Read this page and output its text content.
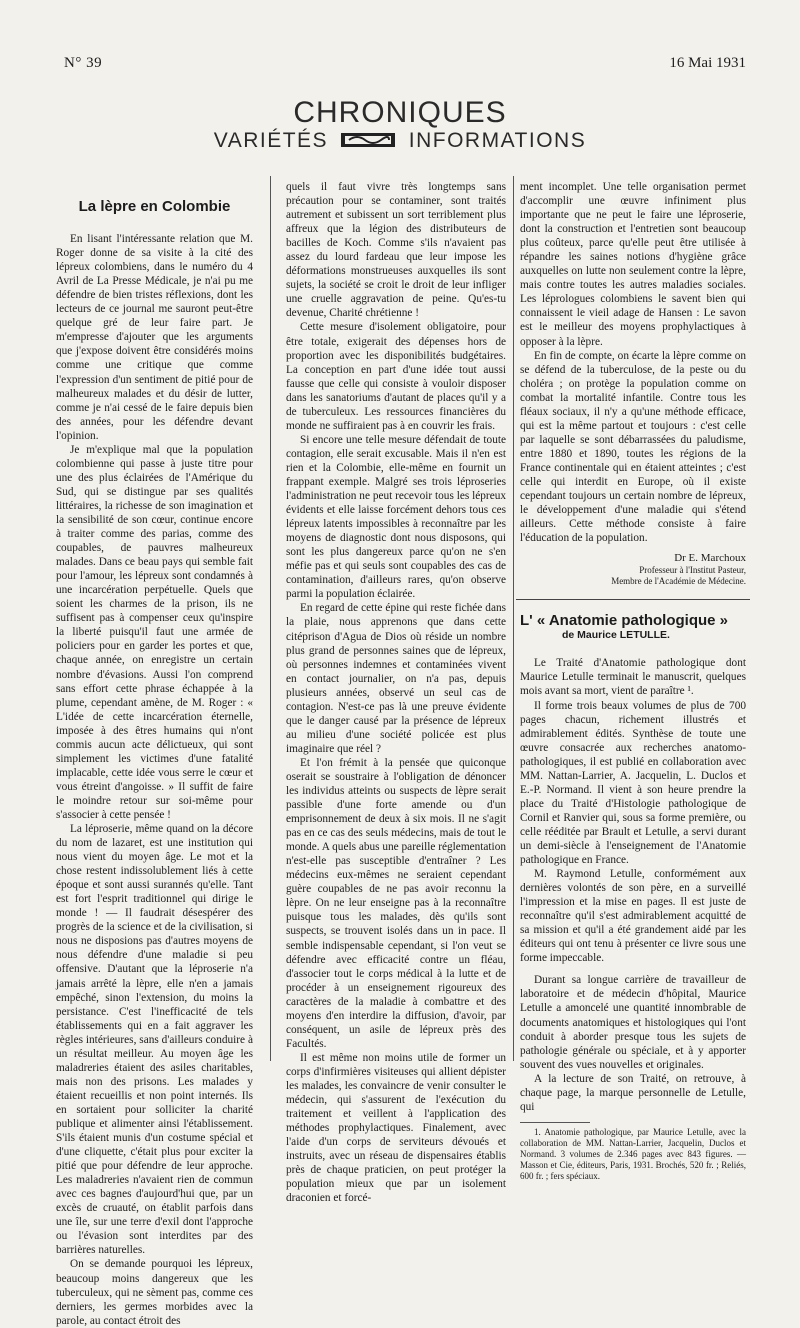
N° 39	16 Mai 1931
CHRONIQUES
VARIÉTÉS	INFORMATIONS
La lèpre en Colombie

En lisant l'intéressante relation que M. Roger donne de sa visite à la cité des lépreux colombiens, dans le numéro du 4 Avril de La Presse Médicale, je n'ai pu me défendre de bien tristes réflexions, dont les lecteurs de ce journal me sauront peut-être quelque gré de leur faire part. Je m'empresse d'ajouter que les arguments que j'expose doivent être considérés moins comme une critique que comme l'expression d'un sentiment de pitié pour de malheureux malades et du désir de lutter, comme je n'ai cessé de le faire depuis bien des années, pour les défendre devant l'opinion.

Je m'explique mal que la population colombienne qui passe à juste titre pour une des plus éclairées de l'Amérique du Sud, qui se distingue par ses qualités littéraires, la richesse de son imagination et la sensibilité de son cœur, continue encore à traiter comme des parias, comme des coupables, de pauvres malheureux malades. Dans ce beau pays qui semble fait pour l'amour, les lépreux sont condamnés à une incarcération perpétuelle. Quels que soient les charmes de la prison, ils ne suffisent pas à compenser ceux qu'inspire la liberté puisqu'il faut une armée de policiers pour en garder les portes et que, chaque année, on enregistre un certain nombre d'évasions. Aussi l'on comprend sans effort cette phrase échappée à la plume, cependant amène, de M. Roger : « L'idée de cette incarcération éternelle, imposée à des êtres humains qui n'ont commis aucun acte délictueux, qui sont simplement les victimes d'une fatalité implacable, cette idée vous serre le cœur et vous étreint d'angoisse. » Il suffit de faire le moindre retour sur soi-même pour s'associer à cette pensée !

La léproserie, même quand on la décore du nom de lazaret, est une institution qui nous vient du moyen âge. Le mot et la chose restent indissolublement liés à cette époque et sont aussi surannés qu'elle. Tant est fort l'esprit traditionnel qui dirige le monde ! — Il faudrait désespérer des progrès de la science et de la civilisation, si nous ne disposions pas d'autres moyens de nous défendre d'une maladie si peu offensive. D'autant que la léproserie n'a jamais arrêté la lèpre, elle n'en a jamais empêché, sinon l'extension, du moins la persistance. C'est l'inefficacité de tels établissements qui en a fait aggraver les règles intérieures, sans d'ailleurs conduire à un résultat meilleur. Au moyen âge les maladreries étaient des asiles charitables, mais non des prisons. Les malades y étaient recueillis et non point internés. Ils en sortaient pour solliciter la charité publique et alimenter ainsi l'établissement. S'ils étaient munis d'un costume spécial et d'une cliquette, c'était plus pour exciter la pitié que pour défendre de leur approche. Les maladreries n'avaient rien de commun avec ces bagnes d'aujourd'hui que, par un excès de cruauté, on établit parfois dans une île, sur une terre d'exil dont l'approche ou l'évasion sont interdites par des barrières naturelles.

On se demande pourquoi les lépreux, beaucoup moins dangereux que les tuberculeux, qui ne sèment pas, comme ces derniers, les germes morbides avec la parole, au contact étroit des

quels il faut vivre très longtemps sans précaution pour se contaminer, sont traités autrement et subissent un sort terriblement plus affreux que la légion des distributeurs de bacilles de Koch. Comme s'ils n'avaient pas assez du lourd fardeau que leur impose les déformations monstrueuses auxquelles ils sont sujets, la société se croit le droit de leur infliger une cruelle aggravation de peine. Qu'es-tu devenue, Charité chrétienne !

Cette mesure d'isolement obligatoire, pour être totale, exigerait des dépenses hors de proportion avec les disponibilités budgétaires. La conception en part d'une idée tout aussi fausse que celle qui consiste à vouloir disposer dans les sanatoriums d'autant de places qu'il y a de tuberculeux. Les ressources financières du monde ne suffiraient pas à en couvrir les frais.

Si encore une telle mesure défendait de toute contagion, elle serait excusable. Mais il n'en est rien et la Colombie, elle-même en fournit un frappant exemple. Malgré ses trois léproseries l'administration ne peut recevoir tous les lépreux évidents et elle laisse forcément dehors tous ces lépreux latents impossibles à reconnaître par les moyens de diagnostic dont nous disposons, qui sont les plus dangereux parce qu'on ne s'en méfie pas et qui seuls sont coupables des cas de contamination, d'ailleurs rares, qu'on observe parmi la population éclairée.

En regard de cette épine qui reste fichée dans la plaie, nous apprenons que dans cette citéprison d'Agua de Dios où réside un nombre plus grand de personnes saines que de lépreux, où personnes indemnes et contaminées vivent en contact journalier, on n'a pas, depuis plusieurs années, observé un seul cas de contagion. N'est-ce pas là une preuve évidente que le danger causé par la présence de lépreux au milieu d'une société policée est plus imaginaire que réel ?

Et l'on frémit à la pensée que quiconque oserait se soustraire à l'obligation de dénoncer les individus atteints ou suspects de lèpre serait passible d'une forte amende ou d'un emprisonnement de deux à six mois. Il ne s'agit pas en ce cas des seuls médecins, mais de tout le monde. A quels abus une pareille réglementation n'est-elle pas susceptible d'entraîner ? Les médecins eux-mêmes ne seraient cependant guère coupables de ne pas avoir reconnu la lèpre. On ne leur enseigne pas à la reconnaître puisque tous les malades, dès qu'ils sont suspects, se trouvent isolés dans un in pace. Il semble indispensable cependant, si l'on veut se défendre avec efficacité contre un fléau, d'associer tout le corps médical à la lutte et de procéder à un enseignement rigoureux des caractères de la maladie à combattre et des moyens d'en interdire la diffusion, d'avoir, par conséquent, un asile de lépreux près des Facultés.

Il est même non moins utile de former un corps d'infirmières visiteuses qui allient dépister les malades, les convaincre de venir consulter le médecin, qui s'assurent de l'exécution du traitement et veillent à l'application des méthodes prophylactiques. Finalement, avec l'aide d'un corps de serviteurs dévoués et instruits, avec un réseau de dispensaires établis près de chaque praticien, on peut protéger la population mieux que par un isolement draconien et forcé-

ment incomplet. Une telle organisation permet d'accomplir une œuvre infiniment plus importante que ne peut le faire une léproserie, dont la construction et l'entretien sont beaucoup plus coûteux, parce qu'elle peut être utilisée à répandre les saines notions d'hygiène grâce auxquelles on lutte non seulement contre la lèpre, mais contre toutes les autres maladies sociales. Les léprologues colombiens le savent bien qui connaissent le vieil adage de Hansen : Le savon est le meilleur des moyens prophylactiques à opposer à la lèpre.

En fin de compte, on écarte la lèpre comme on se défend de la tuberculose, de la peste ou du choléra ; on protège la population comme on combat la mortalité infantile. Contre tous les fléaux sociaux, il n'y a qu'une méthode efficace, qui est la même partout et toujours : c'est celle par laquelle se sont débarrassées du paludisme, entre 1880 et 1890, toutes les régions de la France continentale qui en étaient atteintes ; c'est celle qui interdit en Europe, où il existe cependant toujours un certain nombre de lépreux, le développement d'une maladie qui s'étend ailleurs. Cette méthode consiste à faire l'éducation de la population.

Dr E. Marchoux
Professeur à l'Institut Pasteur,
Membre de l'Académie de Médecine.
L' « Anatomie pathologique »
de Maurice LETULLE.

Le Traité d'Anatomie pathologique dont Maurice Letulle terminait le manuscrit, quelques mois avant sa mort, vient de paraître ¹.

Il forme trois beaux volumes de plus de 700 pages chacun, richement illustrés et admirablement édités. Synthèse de toute une œuvre consacrée aux recherches anatomo-pathologiques, il est publié en collaboration avec MM. Nattan-Larrier, A. Jacquelin, L. Duclos et E.-P. Normand. Il vient à son heure prendre la place du Traité d'Histologie pathologique de Cornil et Ranvier qui, sous sa forme première, ou celle rééditée par Brault et Letulle, a servi durant un demi-siècle à l'enseignement de l'Anatomie pathologique en France.

M. Raymond Letulle, conformément aux dernières volontés de son père, en a surveillé l'impression et la mise en pages. Il est juste de reconnaître qu'il s'est admirablement acquitté de sa mission et qu'il a été grandement aidé par les éditeurs qui ont tenu à présenter ce livre sous une forme impeccable.

Durant sa longue carrière de travailleur de laboratoire et de médecin d'hôpital, Maurice Letulle a amoncelé une quantité innombrable de documents anatomiques et histologiques qui l'ont conduit à aborder presque tous les sujets de pathologie générale ou spéciale, et à y apporter souvent des vues nouvelles et originales.

A la lecture de son Traité, on retrouve, à chaque page, la marque personnelle de Letulle, qui

1. Anatomie pathologique, par Maurice Letulle, avec la collaboration de MM. Nattan-Larrier, Jacquelin, Duclos et Normand. 3 volumes de 2.346 pages avec 843 figures. — Masson et Cie, éditeurs, Paris, 1931. Brochés, 520 fr. ; Reliés, 600 fr. ; fers spéciaux.
